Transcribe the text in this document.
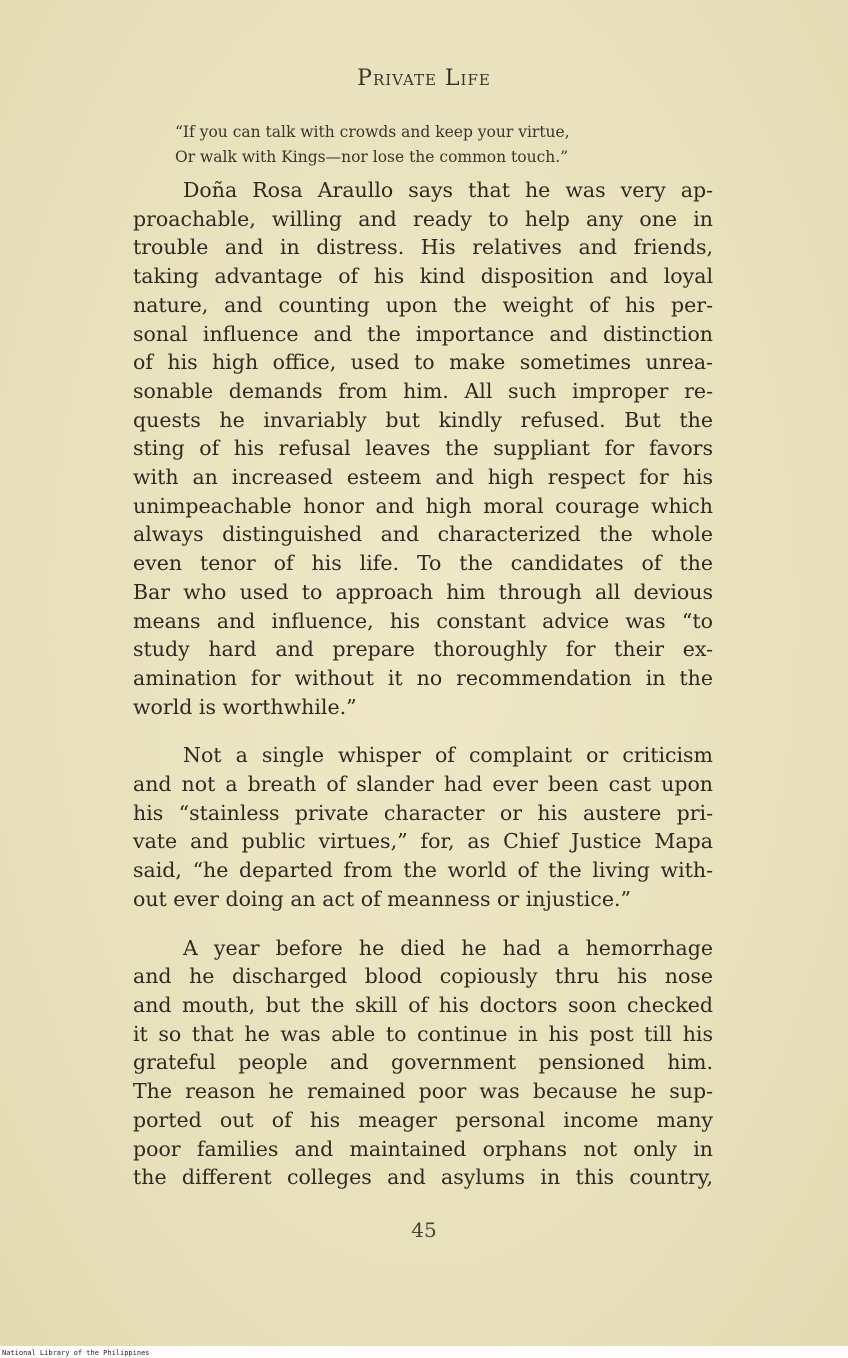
Private Life
“If you can talk with crowds and keep your virtue,
Or walk with Kings—nor lose the common touch.”
Doña Rosa Araullo says that he was very ap-
proachable, willing and ready to help any one in
trouble and in distress. His relatives and friends,
taking advantage of his kind disposition and loyal
nature, and counting upon the weight of his per-
sonal influence and the importance and distinction
of his high office, used to make sometimes unrea-
sonable demands from him. All such improper re-
quests he invariably but kindly refused. But the
sting of his refusal leaves the suppliant for favors
with an increased esteem and high respect for his
unimpeachable honor and high moral courage which
always distinguished and characterized the whole
even tenor of his life. To the candidates of the
Bar who used to approach him through all devious
means and influence, his constant advice was “to
study hard and prepare thoroughly for their ex-
amination for without it no recommendation in the
world is worthwhile.”
Not a single whisper of complaint or criticism
and not a breath of slander had ever been cast upon
his “stainless private character or his austere pri-
vate and public virtues,” for, as Chief Justice Mapa
said, “he departed from the world of the living with-
out ever doing an act of meanness or injustice.”
A year before he died he had a hemorrhage
and he discharged blood copiously thru his nose
and mouth, but the skill of his doctors soon checked
it so that he was able to continue in his post till his
grateful people and government pensioned him.
The reason he remained poor was because he sup-
ported out of his meager personal income many
poor families and maintained orphans not only in
the different colleges and asylums in this country,
45
National Library of the Philippines
